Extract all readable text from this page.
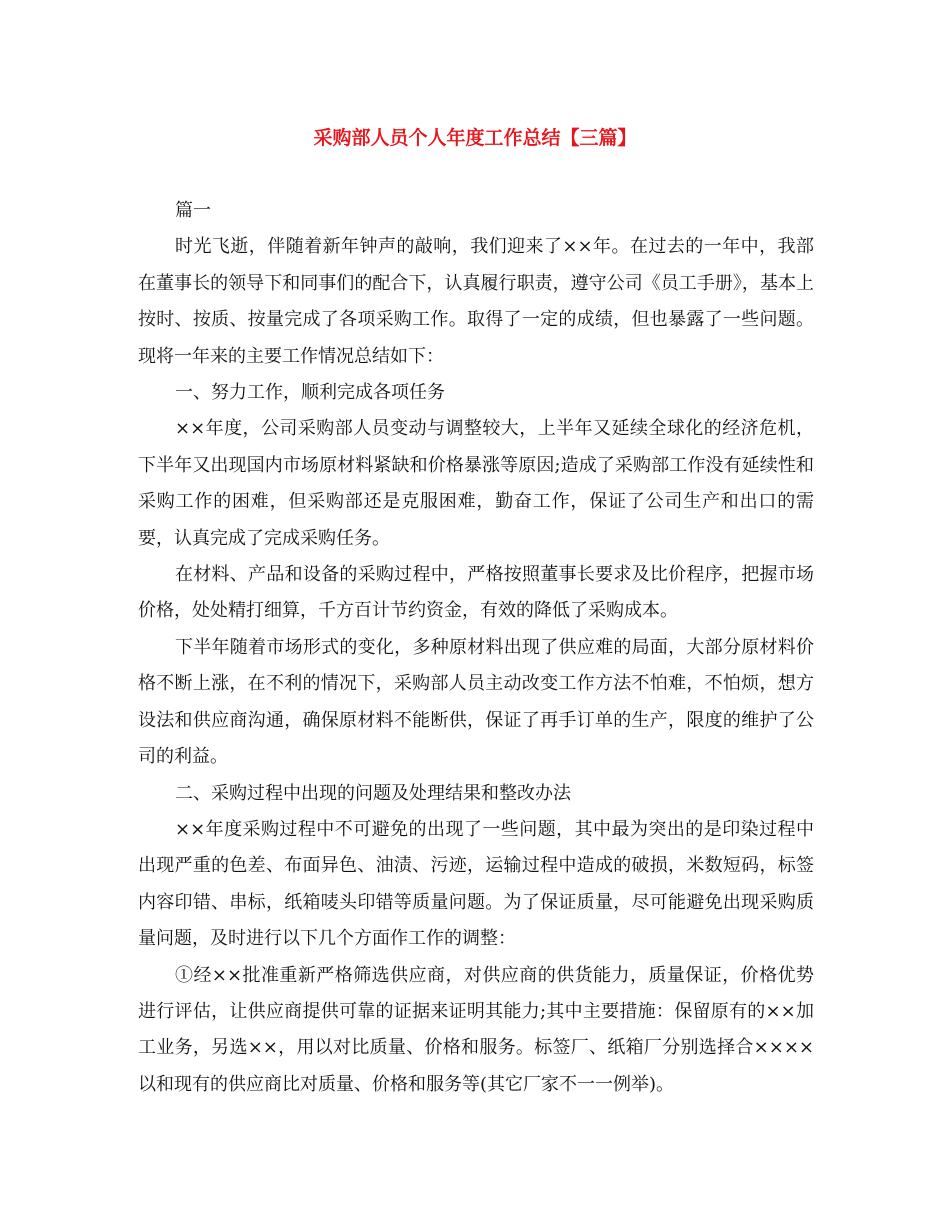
采购部人员个人年度工作总结【三篇】

篇一

时光飞逝，伴随着新年钟声的敲响，我们迎来了××年。在过去的一年中，我部在董事长的领导下和同事们的配合下，认真履行职责，遵守公司《员工手册》，基本上按时、按质、按量完成了各项采购工作。取得了一定的成绩，但也暴露了一些问题。现将一年来的主要工作情况总结如下：

一、努力工作，顺利完成各项任务

××年度，公司采购部人员变动与调整较大，上半年又延续全球化的经济危机，下半年又出现国内市场原材料紧缺和价格暴涨等原因;造成了采购部工作没有延续性和采购工作的困难，但采购部还是克服困难，勤奋工作，保证了公司生产和出口的需要，认真完成了完成采购任务。

在材料、产品和设备的采购过程中，严格按照董事长要求及比价程序，把握市场价格，处处精打细算，千方百计节约资金，有效的降低了采购成本。

下半年随着市场形式的变化，多种原材料出现了供应难的局面，大部分原材料价格不断上涨，在不利的情况下，采购部人员主动改变工作方法不怕难，不怕烦，想方设法和供应商沟通，确保原材料不能断供，保证了再手订单的生产，限度的维护了公司的利益。

二、采购过程中出现的问题及处理结果和整改办法

××年度采购过程中不可避免的出现了一些问题，其中最为突出的是印染过程中出现严重的色差、布面异色、油渍、污迹，运输过程中造成的破损，米数短码，标签内容印错、串标，纸箱唛头印错等质量问题。为了保证质量，尽可能避免出现采购质量问题，及时进行以下几个方面作工作的调整：

①经××批准重新严格筛选供应商，对供应商的供货能力，质量保证，价格优势进行评估，让供应商提供可靠的证据来证明其能力;其中主要措施：保留原有的××加工业务，另选××，用以对比质量、价格和服务。标签厂、纸箱厂分别选择合××××以和现有的供应商比对质量、价格和服务等(其它厂家不一一例举)。
